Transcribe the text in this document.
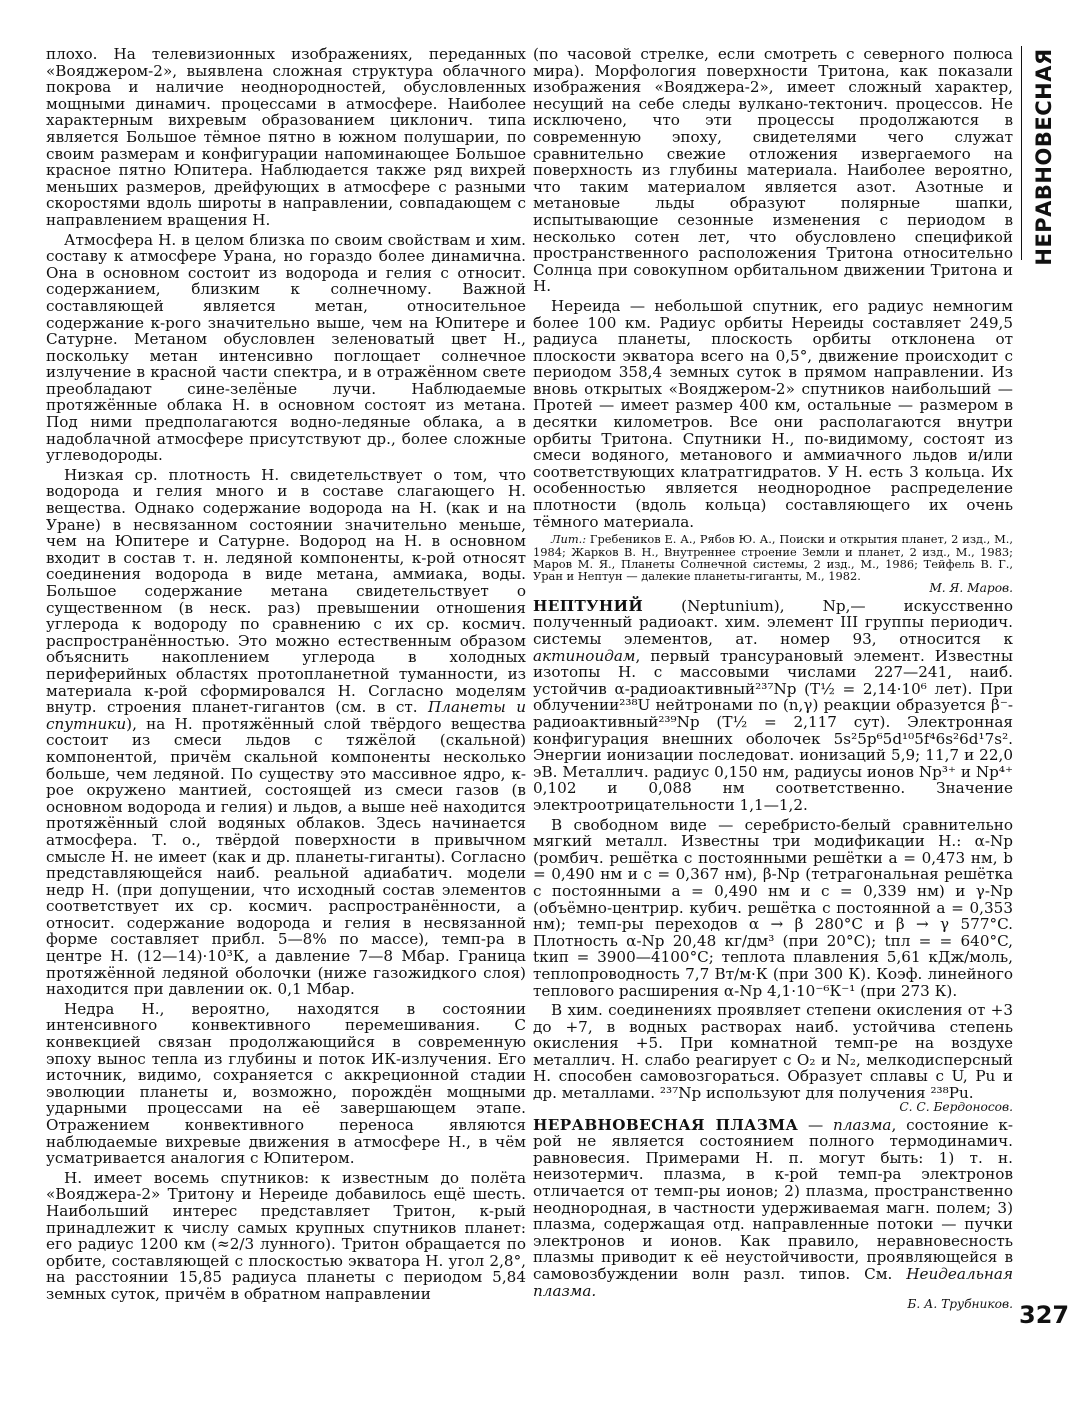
НЕРАВНОВЕСНАЯ

плохо. На телевизионных изображениях, переданных «Вояджером-2», выявлена сложная структура облачного покрова и наличие неоднородностей, обусловленных мощными динамич. процессами в атмосфере. Наиболее характерным вихревым образованием циклонич. типа является Большое тёмное пятно в южном полушарии, по своим размерам и конфигурации напоминающее Большое красное пятно Юпитера. Наблюдается также ряд вихрей меньших размеров, дрейфующих в атмосфере с разными скоростями вдоль широты в направлении, совпадающем с направлением вращения Н.

Атмосфера Н. в целом близка по своим свойствам и хим. составу к атмосфере Урана, но гораздо более динамична. Она в основном состоит из водорода и гелия с относит. содержанием, близким к солнечному. Важной составляющей является метан, относительное содержание к-рого значительно выше, чем на Юпитере и Сатурне. Метаном обусловлен зеленоватый цвет Н., поскольку метан интенсивно поглощает солнечное излучение в красной части спектра, и в отражённом свете преобладают сине-зелёные лучи. Наблюдаемые протяжённые облака Н. в основном состоят из метана. Под ними предполагаются водно-ледяные облака, а в надоблачной атмосфере присутствуют др., более сложные углеводороды.

Низкая ср. плотность Н. свидетельствует о том, что водорода и гелия много и в составе слагающего Н. вещества. Однако содержание водорода на Н. (как и на Уране) в несвязанном состоянии значительно меньше, чем на Юпитере и Сатурне. Водород на Н. в основном входит в состав т. н. ледяной компоненты, к-рой относят соединения водорода в виде метана, аммиака, воды. Большое содержание метана свидетельствует о существенном (в неск. раз) превышении отношения углерода к водороду по сравнению с их ср. космич. распространённостью. Это можно естественным образом объяснить накоплением углерода в холодных периферийных областях протопланетной туманности, из материала к-рой сформировался Н. Согласно моделям внутр. строения планет-гигантов (см. в ст. Планеты и спутники), на Н. протяжённый слой твёрдого вещества состоит из смеси льдов с тяжёлой (скальной) компонентой, причём скальной компоненты несколько больше, чем ледяной. По существу это массивное ядро, к-рое окружено мантией, состоящей из смеси газов (в основном водорода и гелия) и льдов, а выше неё находится протяжённый слой водяных облаков. Здесь начинается атмосфера. Т. о., твёрдой поверхности в привычном смысле Н. не имеет (как и др. планеты-гиганты). Согласно представляющейся наиб. реальной адиабатич. модели недр Н. (при допущении, что исходный состав элементов соответствует их ср. космич. распространённости, а относит. содержание водорода и гелия в несвязанной форме составляет прибл. 5—8% по массе), темп-ра в центре Н. (12—14)·10³К, а давление 7—8 Мбар. Граница протяжённой ледяной оболочки (ниже газожидкого слоя) находится при давлении ок. 0,1 Мбар.

Недра Н., вероятно, находятся в состоянии интенсивного конвективного перемешивания. С конвекцией связан продолжающийся в современную эпоху вынос тепла из глубины и поток ИК-излучения. Его источник, видимо, сохраняется с аккреционной стадии эволюции планеты и, возможно, порождён мощными ударными процессами на её завершающем этапе. Отражением конвективного переноса являются наблюдаемые вихревые движения в атмосфере Н., в чём усматривается аналогия с Юпитером.

Н. имеет восемь спутников: к известным до полёта «Вояджера-2» Тритону и Нереиде добавилось ещё шесть. Наибольший интерес представляет Тритон, к-рый принадлежит к числу самых крупных спутников планет: его радиус 1200 км (≈2/3 лунного). Тритон обращается по орбите, составляющей с плоскостью экватора Н. угол 2,8°, на расстоянии 15,85 радиуса планеты с периодом 5,84 земных суток, причём в обратном направлении

(по часовой стрелке, если смотреть с северного полюса мира). Морфология поверхности Тритона, как показали изображения «Вояджера-2», имеет сложный характер, несущий на себе следы вулкано-тектонич. процессов. Не исключено, что эти процессы продолжаются в современную эпоху, свидетелями чего служат сравнительно свежие отложения извергаемого на поверхность из глубины материала. Наиболее вероятно, что таким материалом является азот. Азотные и метановые льды образуют полярные шапки, испытывающие сезонные изменения с периодом в несколько сотен лет, что обусловлено спецификой пространственного расположения Тритона относительно Солнца при совокупном орбитальном движении Тритона и Н.

Нереида — небольшой спутник, его радиус немногим более 100 км. Радиус орбиты Нереиды составляет 249,5 радиуса планеты, плоскость орбиты отклонена от плоскости экватора всего на 0,5°, движение происходит с периодом 358,4 земных суток в прямом направлении. Из вновь открытых «Вояджером-2» спутников наибольший — Протей — имеет размер 400 км, остальные — размером в десятки километров. Все они располагаются внутри орбиты Тритона. Спутники Н., по-видимому, состоят из смеси водяного, метанового и аммиачного льдов и/или соответствующих клатратгидратов. У Н. есть 3 кольца. Их особенностью является неоднородное распределение плотности (вдоль кольца) составляющего их очень тёмного материала.

Лит.: Гребеников Е. А., Рябов Ю. А., Поиски и открытия планет, 2 изд., М., 1984; Жарков В. Н., Внутреннее строение Земли и планет, 2 изд., М., 1983; Маров М. Я., Планеты Солнечной системы, 2 изд., М., 1986; Тейфель В. Г., Уран и Нептун — далекие планеты-гиганты, М., 1982.
М. Я. Маров.

НЕПТУНИЙ	(Neptunium), Np,— искусственно полученный радиоакт. хим. элемент III группы периодич. системы элементов, ат. номер 93, относится к актиноидам, первый трансурановый элемент. Известны изотопы Н. с массовыми числами 227—241, наиб. устойчив α-радиоактивный²³⁷Np (T½ = 2,14·10⁶ лет). При облучении²³⁸U нейтронами по (n,γ) реакции образуется β⁻-радиоактивный²³⁹Np (T½ = 2,117 сут). Электронная конфигурация внешних оболочек 5s²5p⁶5d¹⁰5f⁴6s²6d¹7s². Энергии ионизации последоват. ионизаций 5,9; 11,7 и 22,0 эВ. Металлич. радиус 0,150 нм, радиусы ионов Np³⁺ и Np⁴⁺ 0,102 и 0,088 нм соответственно. Значение электроотрицательности 1,1—1,2.

В свободном виде — серебристо-белый сравнительно мягкий металл. Известны три модификации Н.: α-Np (ромбич. решётка с постоянными решётки a = 0,473 нм, b = 0,490 нм и c = 0,367 нм), β-Np (тетрагональная решётка с постоянными a = 0,490 нм и c = 0,339 нм) и γ-Np (объёмно-центрир. кубич. решётка с постоянной a = 0,353 нм); темп-ры переходов α → β 280°C и β → γ 577°C. Плотность α-Np 20,48 кг/дм³ (при 20°C); tпл = = 640°C, tкип = 3900—4100°C; теплота плавления 5,61 кДж/моль, теплопроводность 7,7 Вт/м·К (при 300 К). Коэф. линейного теплового расширения α-Np 4,1·10⁻⁶К⁻¹ (при 273 К).

В хим. соединениях проявляет степени окисления от +3 до +7, в водных растворах наиб. устойчива степень окисления +5. При комнатной темп-ре на воздухе металлич. Н. слабо реагирует с O₂ и N₂, мелкодисперсный Н. способен самовозгораться. Образует сплавы с U, Pu и др. металлами. ²³⁷Np используют для получения ²³⁸Pu.
С. С. Бердоносов.

НЕРАВНОВЕСНАЯ ПЛАЗМА — плазма, состояние к-рой не является состоянием полного термодинамич. равновесия. Примерами Н. п. могут быть: 1) т. н. неизотермич. плазма, в к-рой темп-ра электронов отличается от темп-ры ионов; 2) плазма, пространственно неоднородная, в частности удерживаемая магн. полем; 3) плазма, содержащая отд. направленные потоки — пучки электронов и ионов. Как правило, неравновесность плазмы приводит к её неустойчивости, проявляющейся в самовозбуждении волн разл. типов. См. Неидеальная плазма.
Б. А. Трубников. 327
